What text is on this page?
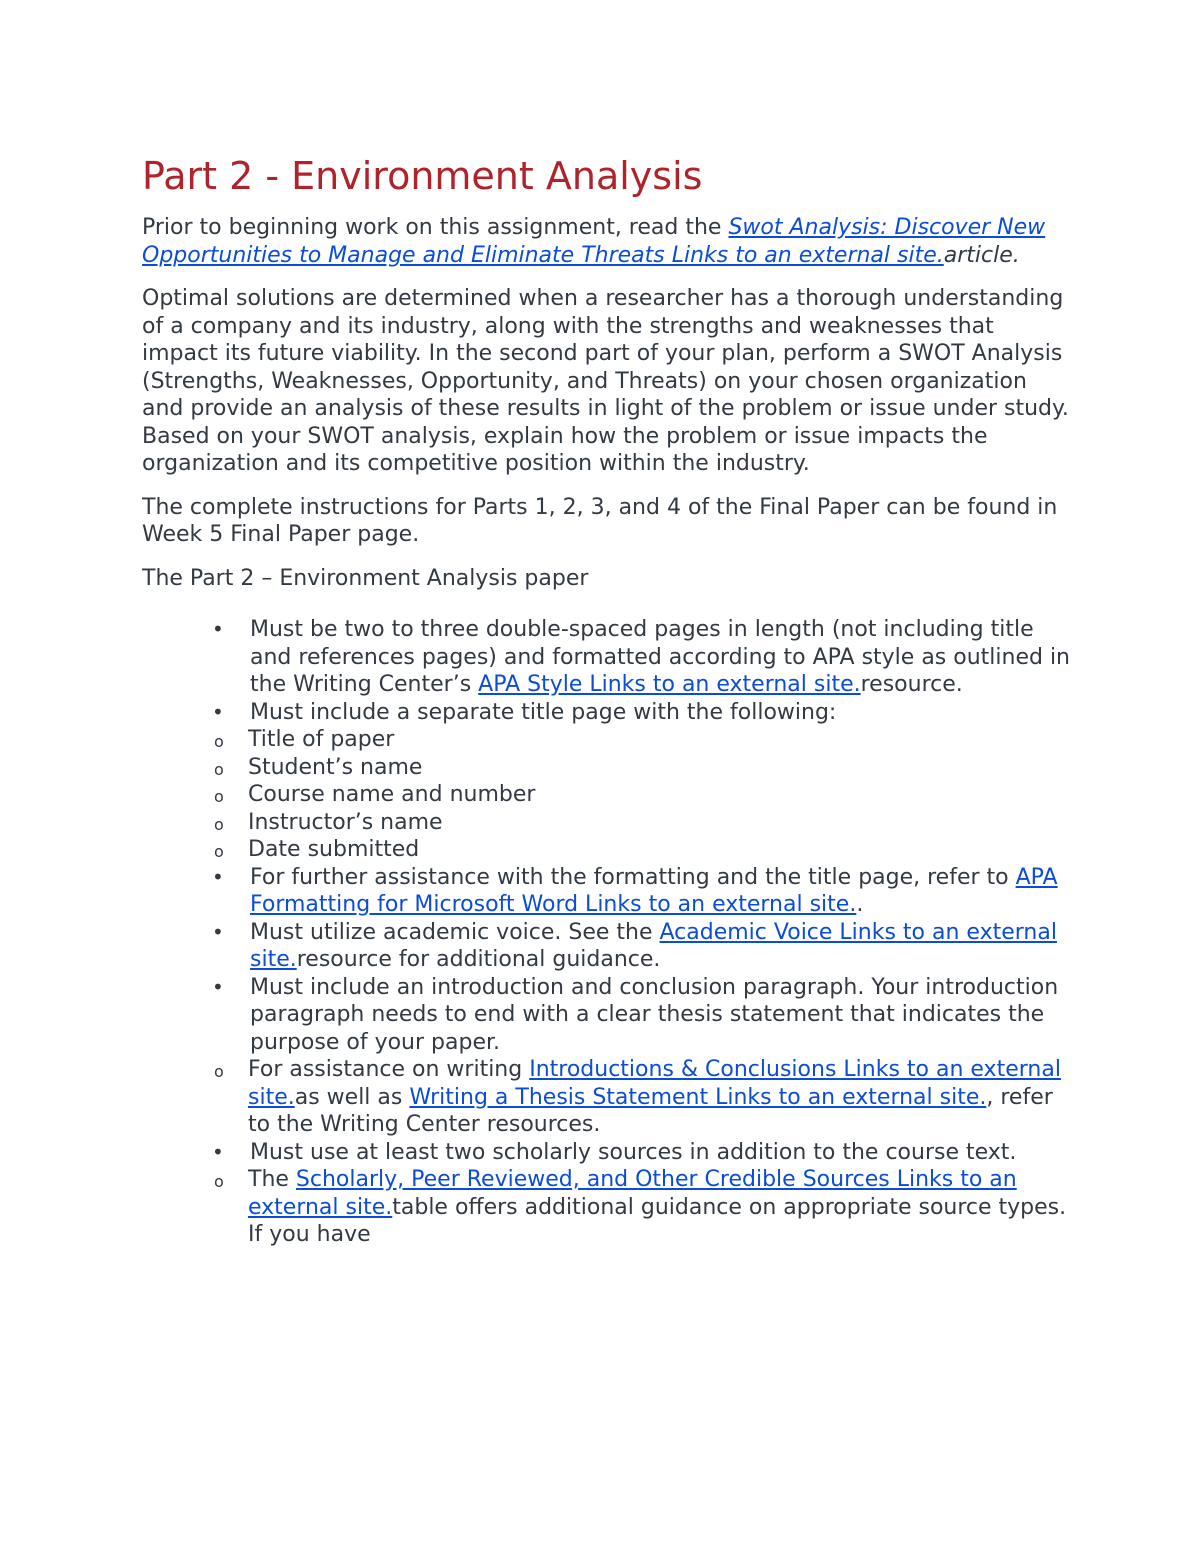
Part 2 - Environment Analysis

Prior to beginning work on this assignment, read the Swot Analysis: Discover New Opportunities to Manage and Eliminate Threats Links to an external site.article.

Optimal solutions are determined when a researcher has a thorough understanding of a company and its industry, along with the strengths and weaknesses that impact its future viability. In the second part of your plan, perform a SWOT Analysis (Strengths, Weaknesses, Opportunity, and Threats) on your chosen organization and provide an analysis of these results in light of the problem or issue under study. Based on your SWOT analysis, explain how the problem or issue impacts the organization and its competitive position within the industry.

The complete instructions for Parts 1, 2, 3, and 4 of the Final Paper can be found in Week 5 Final Paper page.

The Part 2 – Environment Analysis paper

• Must be two to three double-spaced pages in length (not including title and references pages) and formatted according to APA style as outlined in the Writing Center’s APA Style Links to an external site.resource.
• Must include a separate title page with the following:
o Title of paper
o Student’s name
o Course name and number
o Instructor’s name
o Date submitted
• For further assistance with the formatting and the title page, refer to APA Formatting for Microsoft Word Links to an external site..
• Must utilize academic voice. See the Academic Voice Links to an external site.resource for additional guidance.
• Must include an introduction and conclusion paragraph. Your introduction paragraph needs to end with a clear thesis statement that indicates the purpose of your paper.
o For assistance on writing Introductions & Conclusions Links to an external site.as well as Writing a Thesis Statement Links to an external site., refer to the Writing Center resources.
• Must use at least two scholarly sources in addition to the course text.
o The Scholarly, Peer Reviewed, and Other Credible Sources Links to an external site.table offers additional guidance on appropriate source types. If you have
